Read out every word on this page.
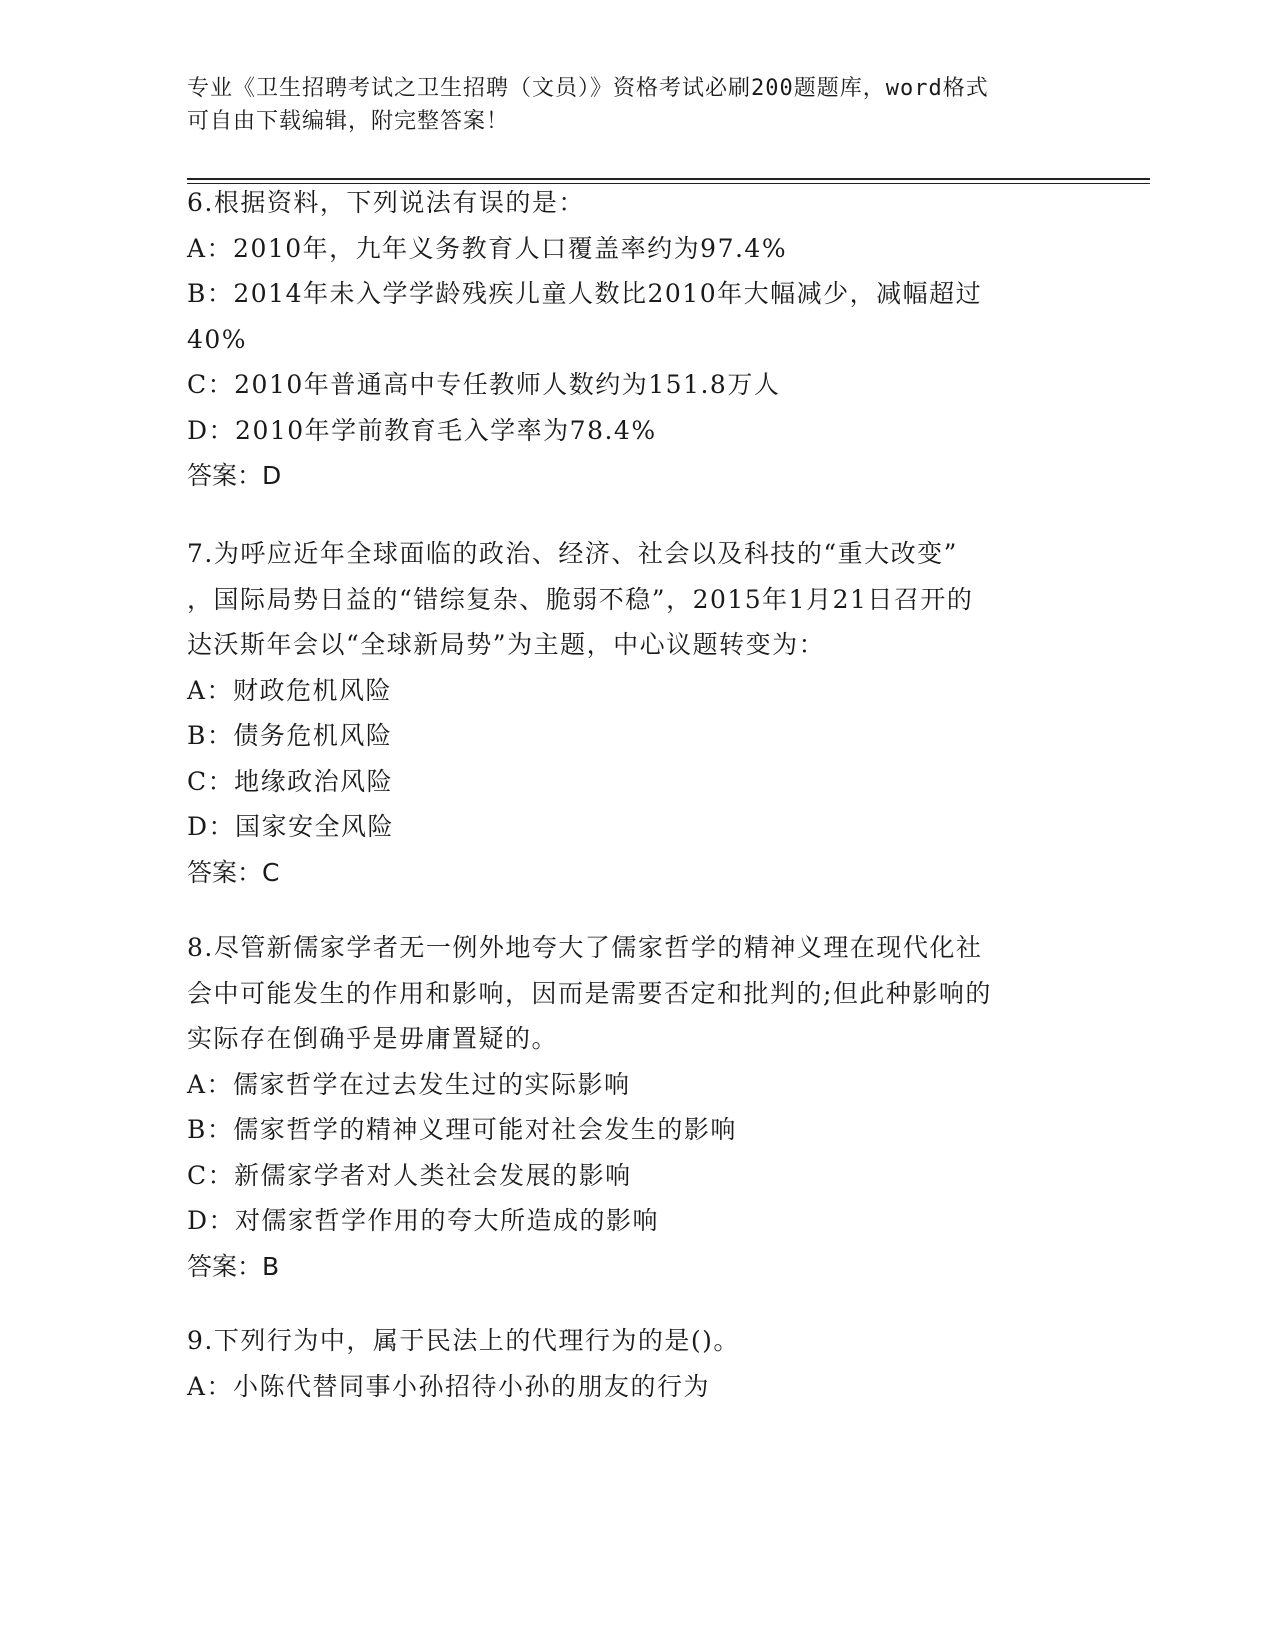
专业《卫生招聘考试之卫生招聘（文员）》资格考试必刷200题题库，word格式
可自由下载编辑，附完整答案！
6.根据资料，下列说法有误的是：
A：2010年，九年义务教育人口覆盖率约为97.4%
B：2014年未入学学龄残疾儿童人数比2010年大幅减少，减幅超过
40%
C：2010年普通高中专任教师人数约为151.8万人
D：2010年学前教育毛入学率为78.4%
答案：D
7.为呼应近年全球面临的政治、经济、社会以及科技的“重大改变”
，国际局势日益的“错综复杂、脆弱不稳”，2015年1月21日召开的
达沃斯年会以“全球新局势”为主题，中心议题转变为：
A：财政危机风险
B：债务危机风险
C：地缘政治风险
D：国家安全风险
答案：C
8.尽管新儒家学者无一例外地夸大了儒家哲学的精神义理在现代化社
会中可能发生的作用和影响，因而是需要否定和批判的;但此种影响的
实际存在倒确乎是毋庸置疑的。
A：儒家哲学在过去发生过的实际影响
B：儒家哲学的精神义理可能对社会发生的影响
C：新儒家学者对人类社会发展的影响
D：对儒家哲学作用的夸大所造成的影响
答案：B
9.下列行为中，属于民法上的代理行为的是()。
A：小陈代替同事小孙招待小孙的朋友的行为
